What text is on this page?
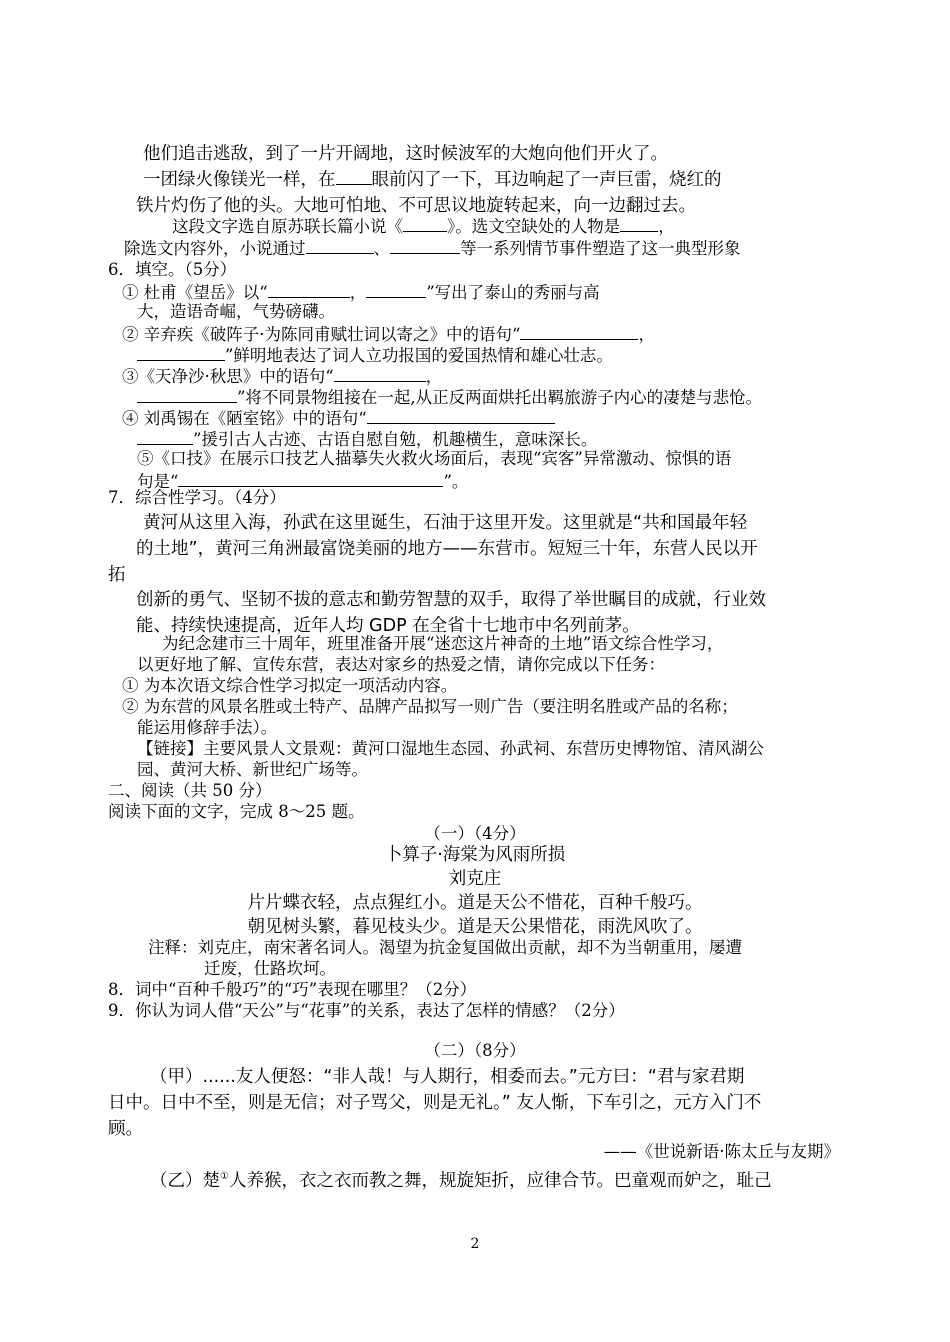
他们追击逃敌，到了一片开阔地，这时候波军的大炮向他们开火了。
一团绿火像镁光一样，在 眼前闪了一下，耳边响起了一声巨雷，烧红的
铁片灼伤了他的头。大地可怕地、不可思议地旋转起来，向一边翻过去。
这段文字选自原苏联长篇小说《	》。选文空缺处的人物是 ，
除选文内容外，小说通过	、	等一系列情节事件塑造了这一典型形象
6．填空。（5分）
① 杜甫《望岳》以“	，	”写出了泰山的秀丽与高
大，造语奇崛，气势磅礴。
② 辛弃疾《破阵子·为陈同甫赋壮词以寄之》中的语句“	，
”鲜明地表达了词人立功报国的爱国热情和雄心壮志。
③《天净沙·秋思》中的语句“	，
”将不同景物组接在一起,从正反两面烘托出羁旅游子内心的凄楚与悲怆。
④ 刘禹锡在《陋室铭》中的语句“
”援引古人古迹、古语自慰自勉，机趣横生，意味深长。
⑤《口技》在展示口技艺人描摹失火救火场面后，表现“宾客”异常激动、惊惧的语
句是“	”。
7．综合性学习。（4分）
黄河从这里入海，孙武在这里诞生，石油于这里开发。这里就是“共和国最年轻
的土地”，黄河三角洲最富饶美丽的地方——东营市。短短三十年，东营人民以开
拓
创新的勇气、坚韧不拔的意志和勤劳智慧的双手，取得了举世瞩目的成就，行业效
能、持续快速提高，近年人均 GDP 在全省十七地市中名列前茅。
为纪念建市三十周年，班里准备开展“迷恋这片神奇的土地”语文综合性学习，
以更好地了解、宣传东营，表达对家乡的热爱之情，请你完成以下任务：
① 为本次语文综合性学习拟定一项活动内容。
② 为东营的风景名胜或土特产、品牌产品拟写一则广告（要注明名胜或产品的名称；
能运用修辞手法）。
【链接】主要风景人文景观：黄河口湿地生态园、孙武祠、东营历史博物馆、清风湖公
园、黄河大桥、新世纪广场等。
二、阅读（共 50 分）
阅读下面的文字，完成 8～25 题。
（一）（4分）
卜算子·海棠为风雨所损
刘克庄
片片蝶衣轻，点点猩红小。道是天公不惜花，百种千般巧。
朝见树头繁，暮见枝头少。道是天公果惜花，雨洗风吹了。
注释：刘克庄，南宋著名词人。渴望为抗金复国做出贡献，却不为当朝重用，屡遭
迁废，仕路坎坷。
8．词中“百种千般巧”的“巧”表现在哪里？（2分）
9．你认为词人借“天公”与“花事”的关系，表达了怎样的情感？（2分）
（二）（8分）
（甲）......友人便怒：“非人哉！与人期行，相委而去。”元方曰：“君与家君期
日中。日中不至，则是无信；对子骂父，则是无礼。” 友人惭，下车引之，元方入门不
顾。
——《世说新语·陈太丘与友期》
（乙）楚①人养猴，衣之衣而教之舞，规旋矩折，应律合节。巴童观而妒之，耻己
2
